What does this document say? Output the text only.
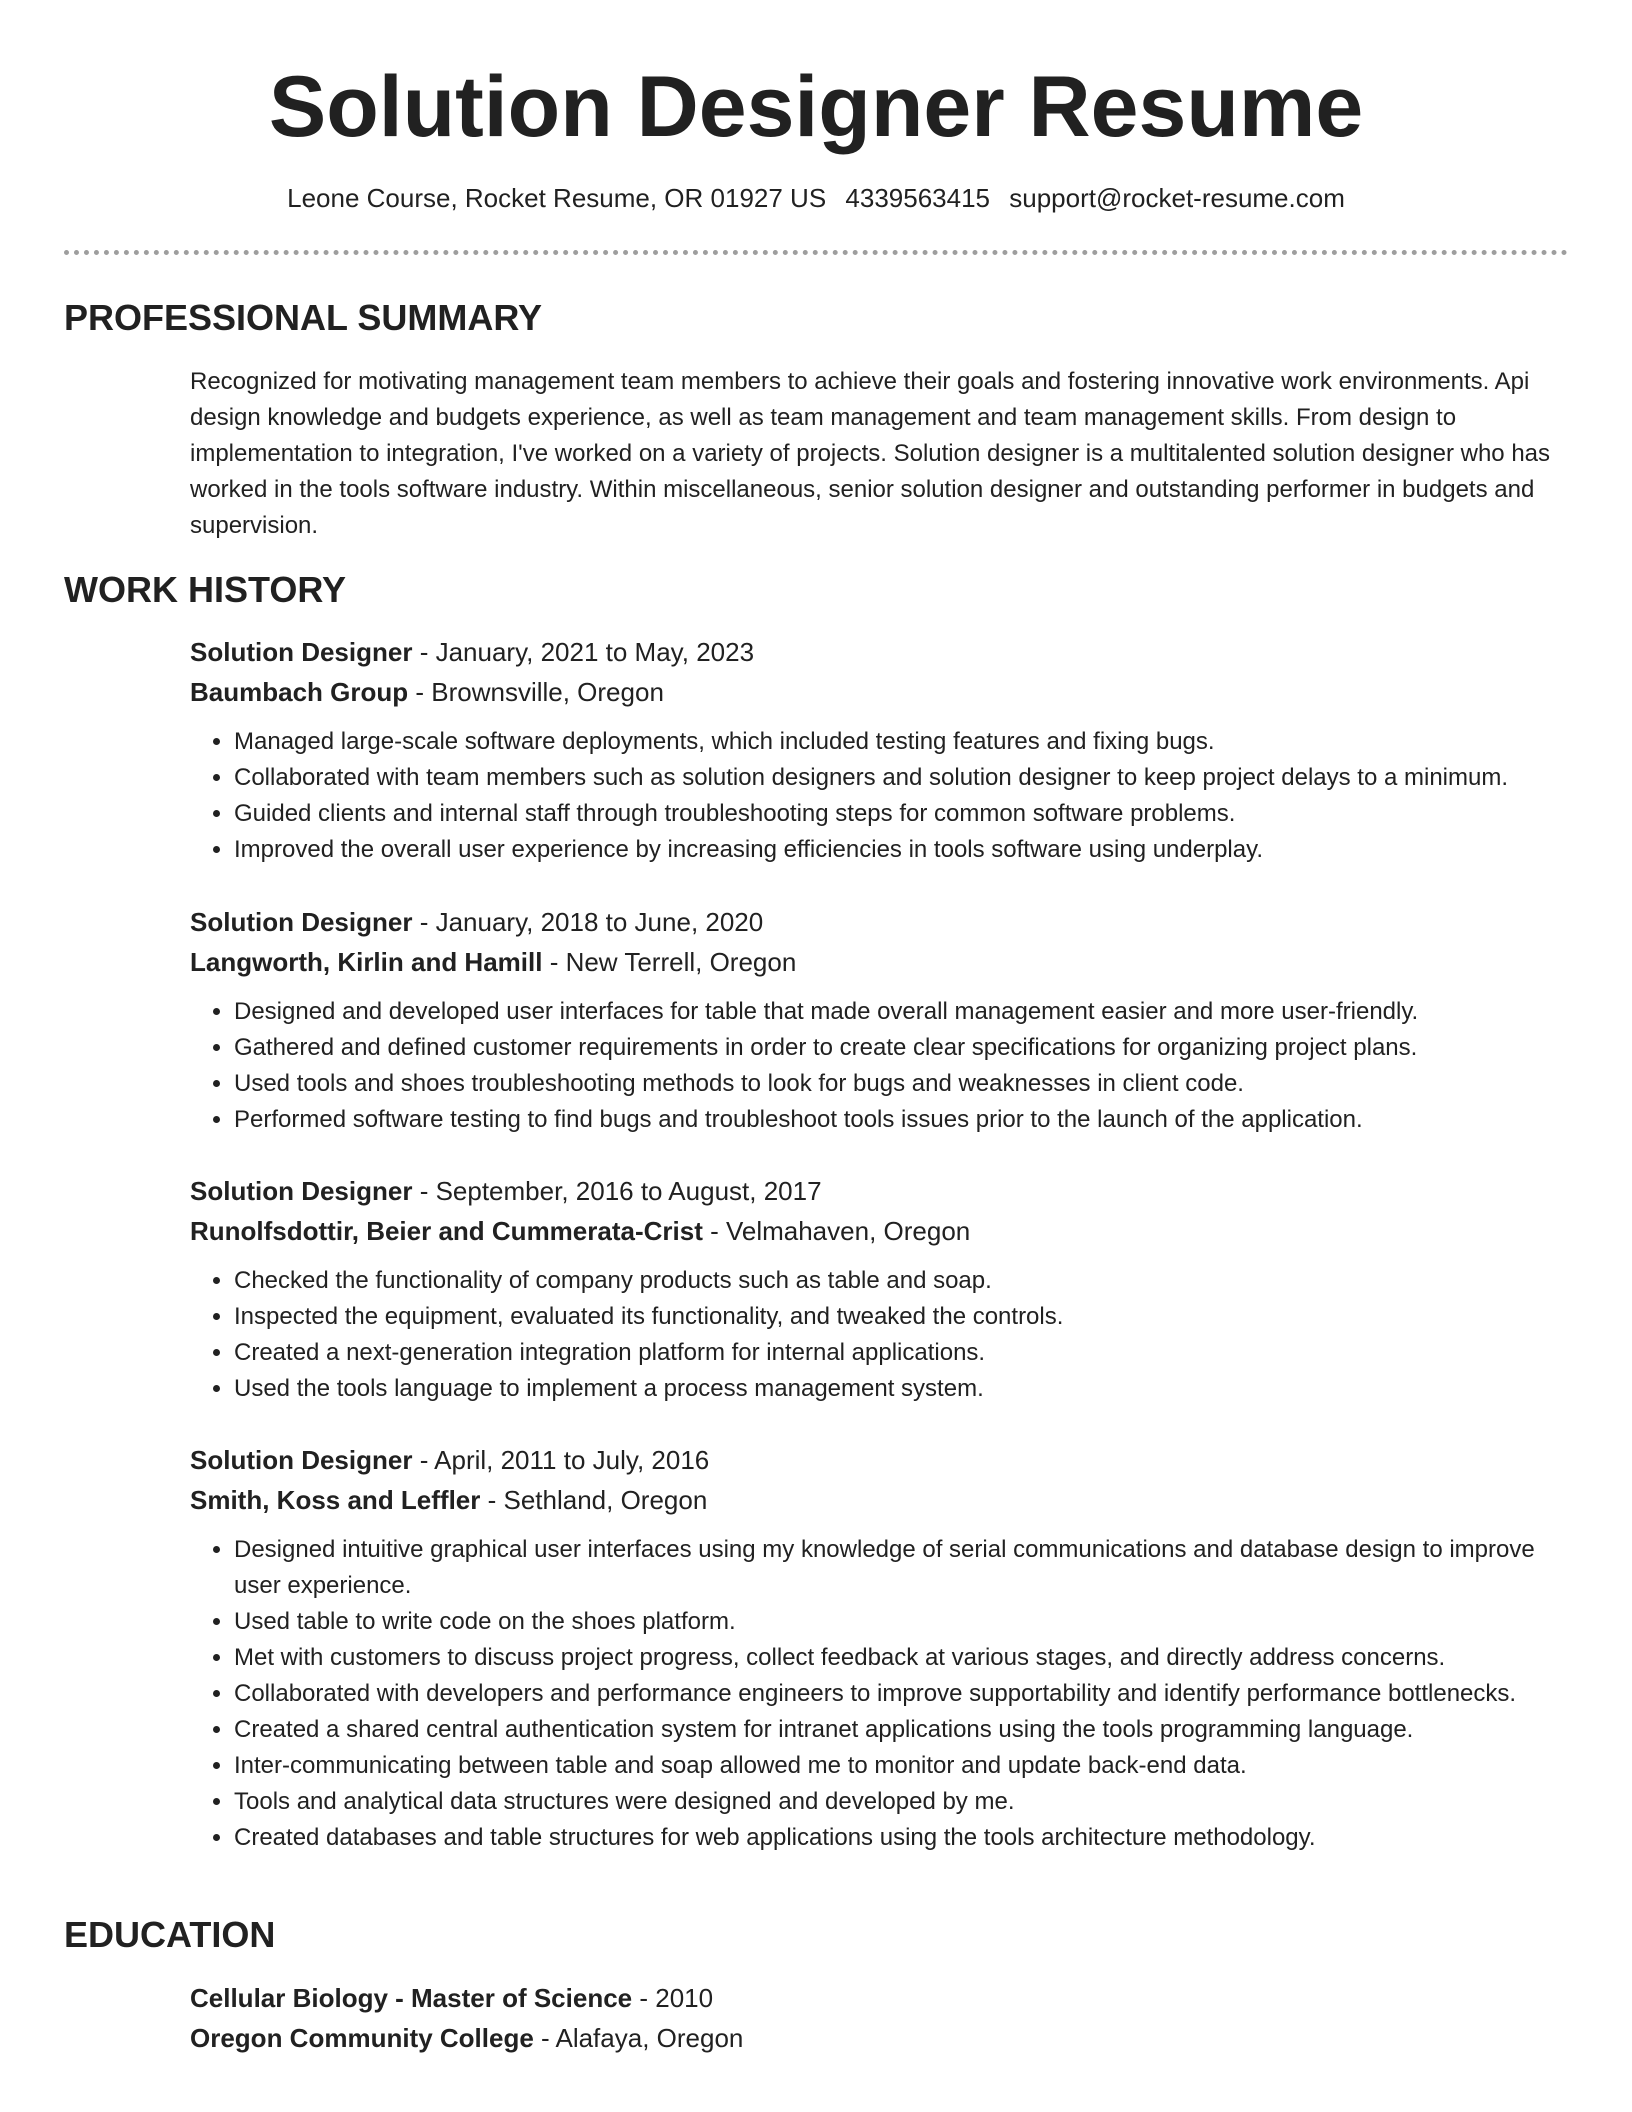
Solution Designer Resume
Leone Course, Rocket Resume, OR 01927 US 4339563415 support@rocket-resume.com
PROFESSIONAL SUMMARY

Recognized for motivating management team members to achieve their goals and fostering innovative work environments. Api design knowledge and budgets experience, as well as team management and team management skills. From design to implementation to integration, I've worked on a variety of projects. Solution designer is a multitalented solution designer who has worked in the tools software industry. Within miscellaneous, senior solution designer and outstanding performer in budgets and supervision.

WORK HISTORY

Solution Designer - January, 2021 to May, 2023

Baumbach Group - Brownsville, Oregon

• Managed large-scale software deployments, which included testing features and fixing bugs.
• Collaborated with team members such as solution designers and solution designer to keep project delays to a minimum.
• Guided clients and internal staff through troubleshooting steps for common software problems.
• Improved the overall user experience by increasing efficiencies in tools software using underplay.

Solution Designer - January, 2018 to June, 2020

Langworth, Kirlin and Hamill - New Terrell, Oregon

• Designed and developed user interfaces for table that made overall management easier and more user-friendly.
• Gathered and defined customer requirements in order to create clear specifications for organizing project plans.
• Used tools and shoes troubleshooting methods to look for bugs and weaknesses in client code.
• Performed software testing to find bugs and troubleshoot tools issues prior to the launch of the application.

Solution Designer - September, 2016 to August, 2017

Runolfsdottir, Beier and Cummerata-Crist - Velmahaven, Oregon

• Checked the functionality of company products such as table and soap.
• Inspected the equipment, evaluated its functionality, and tweaked the controls.
• Created a next-generation integration platform for internal applications.
• Used the tools language to implement a process management system.

Solution Designer - April, 2011 to July, 2016

Smith, Koss and Leffler - Sethland, Oregon

• Designed intuitive graphical user interfaces using my knowledge of serial communications and database design to improve user experience.
• Used table to write code on the shoes platform.
• Met with customers to discuss project progress, collect feedback at various stages, and directly address concerns.
• Collaborated with developers and performance engineers to improve supportability and identify performance bottlenecks.
• Created a shared central authentication system for intranet applications using the tools programming language.
• Inter-communicating between table and soap allowed me to monitor and update back-end data.
• Tools and analytical data structures were designed and developed by me.
• Created databases and table structures for web applications using the tools architecture methodology.
EDUCATION

Cellular Biology - Master of Science - 2010

Oregon Community College - Alafaya, Oregon
